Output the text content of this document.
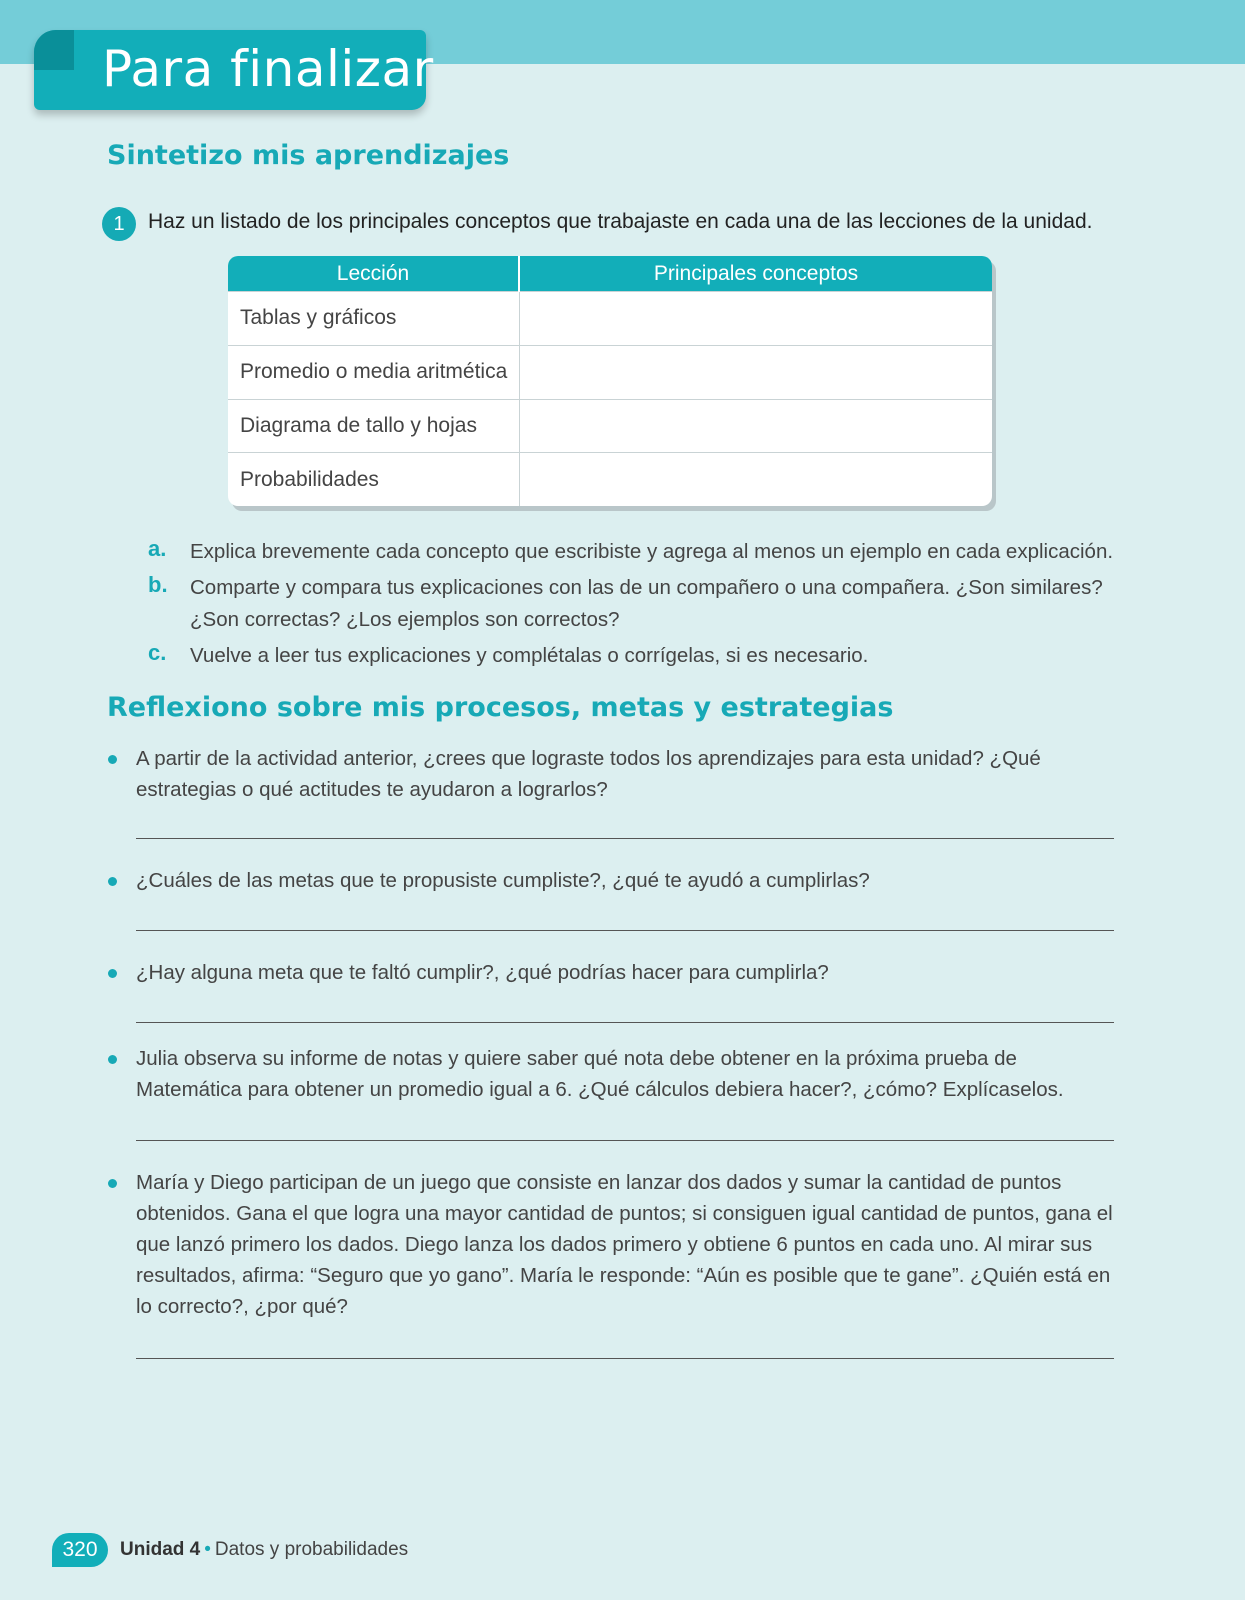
Para finalizar
Sintetizo mis aprendizajes
1	Haz un listado de los principales conceptos que trabajaste en cada una de las lecciones de la unidad.
Lección	Principales conceptos
Tablas y gráficos	
Promedio o media aritmética	
Diagrama de tallo y hojas	
Probabilidades	
a. Explica brevemente cada concepto que escribiste y agrega al menos un ejemplo en cada explicación.
b. Comparte y compara tus explicaciones con las de un compañero o una compañera. ¿Son similares? ¿Son correctas? ¿Los ejemplos son correctos?
c. Vuelve a leer tus explicaciones y complétalas o corrígelas, si es necesario.
Reflexiono sobre mis procesos, metas y estrategias
A partir de la actividad anterior, ¿crees que lograste todos los aprendizajes para esta unidad? ¿Qué estrategias o qué actitudes te ayudaron a lograrlos?
¿Cuáles de las metas que te propusiste cumpliste?, ¿qué te ayudó a cumplirlas?
¿Hay alguna meta que te faltó cumplir?, ¿qué podrías hacer para cumplirla?
Julia observa su informe de notas y quiere saber qué nota debe obtener en la próxima prueba de Matemática para obtener un promedio igual a 6. ¿Qué cálculos debiera hacer?, ¿cómo? Explícaselos.
María y Diego participan de un juego que consiste en lanzar dos dados y sumar la cantidad de puntos obtenidos. Gana el que logra una mayor cantidad de puntos; si consiguen igual cantidad de puntos, gana el que lanzó primero los dados. Diego lanza los dados primero y obtiene 6 puntos en cada uno. Al mirar sus resultados, afirma: “Seguro que yo gano”. María le responde: “Aún es posible que te gane”. ¿Quién está en lo correcto?, ¿por qué?
320	Unidad 4 • Datos y probabilidades
